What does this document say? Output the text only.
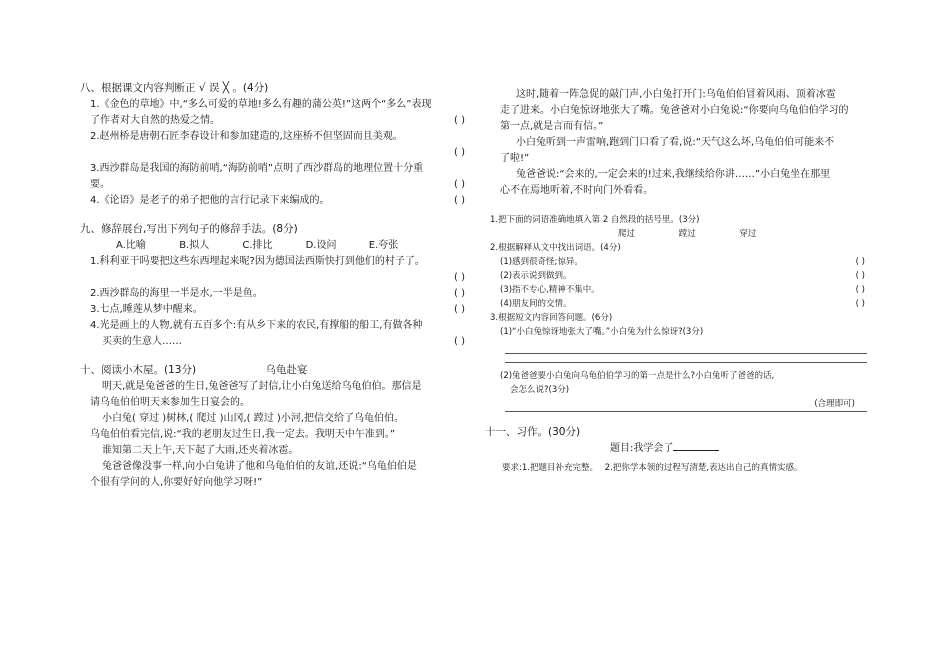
八、根据课文内容判断正 √ 误 ╳ 。(4分)
1.《金色的草地》中,“多么可爱的草地!多么有趣的蒲公英!”这两个“多么”表现
了作者对大自然的热爱之情。	( )
2.赵州桥是唐朝石匠李春设计和参加建造的,这座桥不但坚固而且美观。
( )
3.西沙群岛是我国的海防前哨,“海防前哨”点明了西沙群岛的地理位置十分重
要。	( )
4.《论语》是老子的弟子把他的言行记录下来编成的。	( )
九、修辞展台,写出下列句子的修辞手法。(8分)
A.比喻	B.拟人	C.排比	D.设问	E.夸张
1.科利亚干吗要把这些东西埋起来呢?因为德国法西斯快打到他们的村子了。
( )
2.西沙群岛的海里一半是水,一半是鱼。	( )
3.七点,睡莲从梦中醒来。	( )
4.光是画上的人物,就有五百多个:有从乡下来的农民,有撑船的船工,有做各种
买卖的生意人……	( )
十、阅读小木屋。(13分)	乌龟赴宴
明天,就是兔爸爸的生日,兔爸爸写了封信,让小白兔送给乌龟伯伯。那信是
请乌龟伯伯明天来参加生日宴会的。
小白兔( 穿过 )树林,( 爬过 )山冈,( 蹚过 )小河,把信交给了乌龟伯伯。
乌龟伯伯看完信,说:“我的老朋友过生日,我一定去。我明天中午准到。”
谁知第二天上午,天下起了大雨,还夹着冰雹。
兔爸爸像没事一样,向小白兔讲了他和乌龟伯伯的友谊,还说:“乌龟伯伯是
个很有学问的人,你要好好向他学习呀!”
这时,随着一阵急促的敲门声,小白兔打开门:乌龟伯伯冒着风雨、顶着冰雹
走了进来。小白兔惊讶地张大了嘴。兔爸爸对小白兔说:“你要向乌龟伯伯学习的
第一点,就是言而有信。”
小白兔听到一声雷响,跑到门口看了看,说:“天气这么坏,乌龟伯伯可能来不
了啦!”
兔爸爸说:“会来的,一定会来的!过来,我继续给你讲……”小白兔坐在那里
心不在焉地听着,不时向门外看看。
1.把下面的词语准确地填入第 2 自然段的括号里。(3分)
爬过	蹚过	穿过
2.根据解释从文中找出词语。(4分)
(1)感到很奇怪;惊异。	( )
(2)表示说到做到。	( )
(3)指不专心,精神不集中。	( )
(4)朋友间的交情。	( )
3.根据短文内容回答问题。(6分)
(1)“小白兔惊讶地张大了嘴。”小白兔为什么惊讶?(3分)
(2)兔爸爸要小白兔向乌龟伯伯学习的第一点是什么?小白兔听了爸爸的话,
会怎么说?(3分)
(合理即可)
十一、习作。(30分)
题目:我学会了
要求:1.把题目补充完整。 2.把你学本领的过程写清楚,表达出自己的真情实感。
